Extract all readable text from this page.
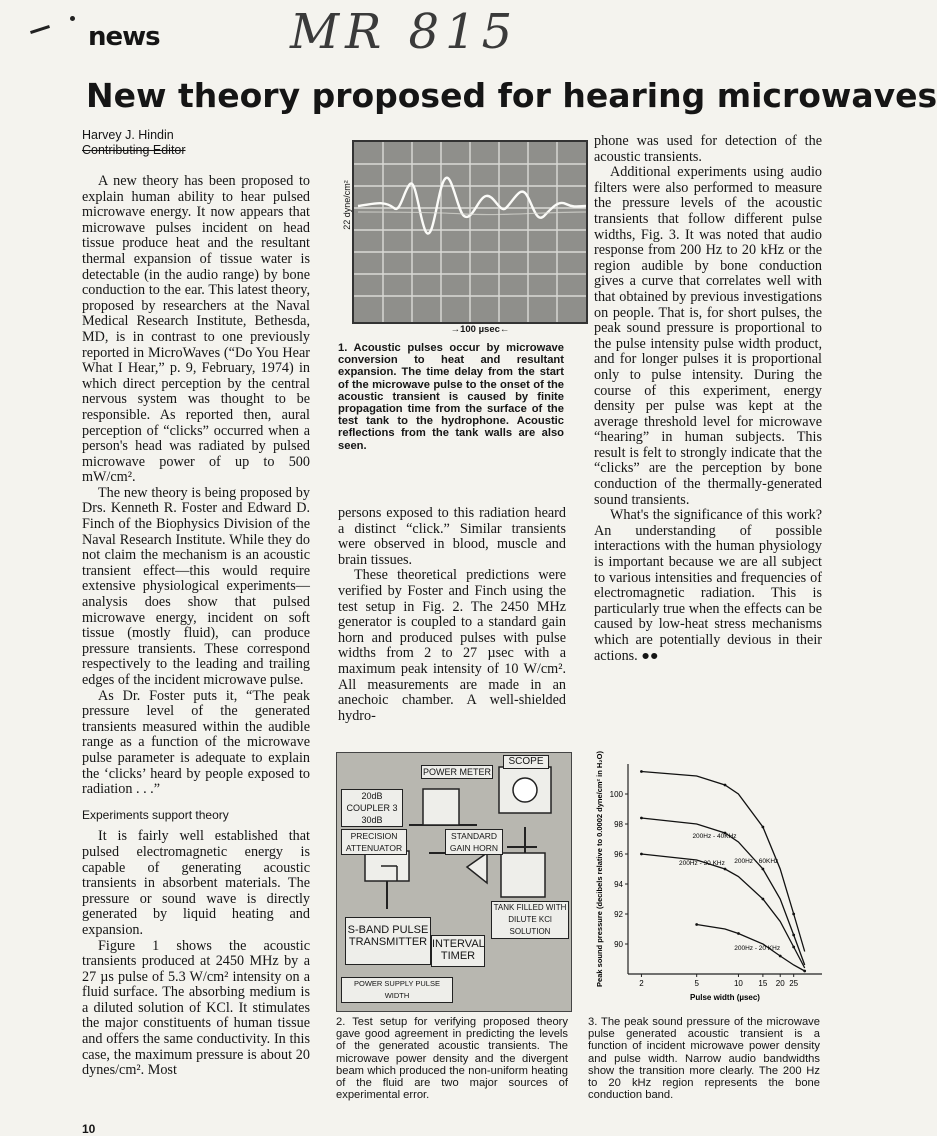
news	MR 815
New theory proposed for hearing microwaves
Harvey J. Hindin
Contributing Editor

A new theory has been proposed to explain human ability to hear pulsed microwave energy. It now appears that microwave pulses incident on head tissue produce heat and the resultant thermal expansion of tissue water is detectable (in the audio range) by bone conduction to the ear. This latest theory, proposed by researchers at the Naval Medical Research Institute, Bethesda, MD, is in contrast to one previously reported in MicroWaves (“Do You Hear What I Hear,” p. 9, February, 1974) in which direct perception by the central nervous system was thought to be responsible. As reported then, aural perception of “clicks” occurred when a person's head was radiated by pulsed microwave power of up to 500 mW/cm².

The new theory is being proposed by Drs. Kenneth R. Foster and Edward D. Finch of the Biophysics Division of the Naval Research Institute. While they do not claim the mechanism is an acoustic transient effect—this would require extensive physiological experiments—analysis does show that pulsed microwave energy, incident on soft tissue (mostly fluid), can produce pressure transients. These correspond respectively to the leading and trailing edges of the incident microwave pulse.

As Dr. Foster puts it, “The peak pressure level of the generated transients measured within the audible range as a function of the microwave pulse parameter is adequate to explain the ‘clicks’ heard by people exposed to radiation . . .”

Experiments support theory

It is fairly well established that pulsed electromagnetic energy is capable of generating acoustic transients in absorbent materials. The pressure or sound wave is directly generated by liquid heating and expansion.

Figure 1 shows the acoustic transients produced at 2450 MHz by a 27 µs pulse of 5.3 W/cm² intensity on a fluid surface. The absorbing medium is a diluted solution of KCl. It stimulates the major constituents of human tissue and offers the same conductivity. In this case, the maximum pressure is about 20 dynes/cm². Most

22 dyne/cm²
→100 µsec←
1. Acoustic pulses occur by microwave conversion to heat and resultant expansion. The time delay from the start of the microwave pulse to the onset of the acoustic transient is caused by finite propagation time from the surface of the test tank to the hydrophone. Acoustic reflections from the tank walls are also seen.

persons exposed to this radiation heard a distinct “click.” Similar transients were observed in blood, muscle and brain tissues.

These theoretical predictions were verified by Foster and Finch using the test setup in Fig. 2. The 2450 MHz generator is coupled to a standard gain horn and produced pulses with pulse widths from 2 to 27 µsec with a maximum peak intensity of 10 W/cm². All measurements are made in an anechoic chamber. A well-shielded hydro-

SCOPE
POWER METER
20dB COUPLER 3 30dB
PRECISION ATTENUATOR
STANDARD GAIN HORN
TANK FILLED WITH DILUTE KCl SOLUTION
S-BAND PULSE TRANSMITTER INTERVAL TIMER
POWER SUPPLY PULSE WIDTH
2. Test setup for verifying proposed theory gave good agreement in predicting the levels of the generated acoustic transients. The microwave power density and the divergent beam which produced the non-uniform heating of the fluid are two major sources of experimental error.

phone was used for detection of the acoustic transients.

Additional experiments using audio filters were also performed to measure the pressure levels of the acoustic transients that follow different pulse widths, Fig. 3. It was noted that audio response from 200 Hz to 20 kHz or the region audible by bone conduction gives a curve that correlates well with that obtained by previous investigations on people. That is, for short pulses, the peak sound pressure is proportional to the pulse intensity pulse width product, and for longer pulses it is proportional only to pulse intensity. During the course of this experiment, energy density per pulse was kept at the average threshold level for microwave “hearing” in human subjects. This result is felt to strongly indicate that the “clicks” are the perception by bone conduction of the thermally-generated sound transients.

What's the significance of this work? An understanding of possible interactions with the human physiology is important because we are all subject to various intensities and frequencies of electromagnetic radiation. This is particularly true when the effects can be caused by low-heat stress mechanisms which are potentially devious in their actions. ●●

90
92
94
96
98
100
2	5	10 15 20 25
Pulse width (µsec)
Peak sound pressure (decibels relative to 0.0002 dyne/cm² in H₂O)	200Hz - 60KHz
200Hz - 40KHz
200Hz - 30 KHz
200Hz - 20 KHz
3. The peak sound pressure of the microwave pulse generated acoustic transient is a function of incident microwave power density and pulse width. Narrow audio bandwidths show the transition more clearly. The 200 Hz to 20 kHz region represents the bone conduction band.
10
